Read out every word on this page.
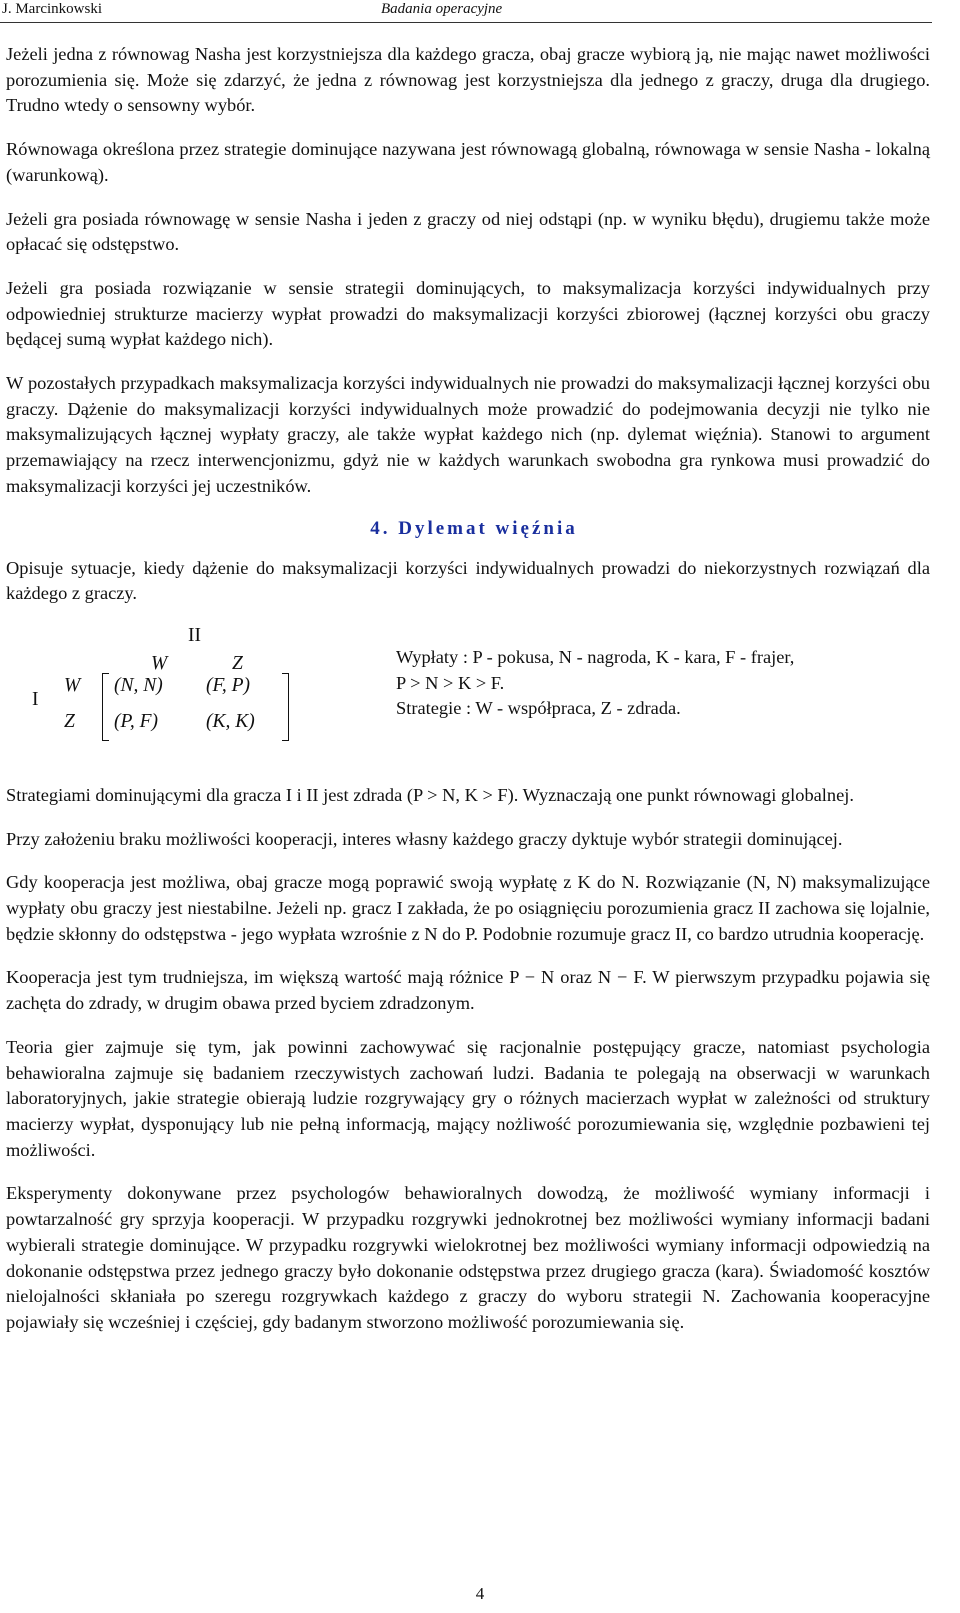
J. Marcinkowski	Badania operacyjne

Jeżeli jedna z równowag Nasha jest korzystniejsza dla każdego gracza, obaj gracze wybiorą ją, nie mając nawet możliwości porozumienia się. Może się zdarzyć, że jedna z równowag jest korzystniejsza dla jednego z graczy, druga dla drugiego. Trudno wtedy o sensowny wybór.

Równowaga określona przez strategie dominujące nazywana jest równowagą globalną, równowaga w sensie Nasha - lokalną (warunkową).

Jeżeli gra posiada równowagę w sensie Nasha i jeden z graczy od niej odstąpi (np. w wyniku błędu), drugiemu także może opłacać się odstępstwo.

Jeżeli gra posiada rozwiązanie w sensie strategii dominujących, to maksymalizacja korzyści indywidualnych przy odpowiedniej strukturze macierzy wypłat prowadzi do maksymalizacji korzyści zbiorowej (łącznej korzyści obu graczy będącej sumą wypłat każdego nich).

W pozostałych przypadkach maksymalizacja korzyści indywidualnych nie prowadzi do maksymalizacji łącznej korzyści obu graczy. Dążenie do maksymalizacji korzyści indywidualnych może prowadzić do podejmowania decyzji nie tylko nie maksymalizujących łącznej wypłaty graczy, ale także wypłat każdego nich (np. dylemat więźnia). Stanowi to argument przemawiający na rzecz interwencjonizmu, gdyż nie w każdych warunkach swobodna gra rynkowa musi prowadzić do maksymalizacji korzyści jej uczestników.

4. Dylemat więźnia

Opisuje sytuacje, kiedy dążenie do maksymalizacji korzyści indywidualnych prowadzi do niekorzystnych rozwiązań dla każdego z graczy.

II
W	Z
I
W
Z
(N, N) (F, P)
(P, F) (K, K)
Wypłaty : P - pokusa, N - nagroda, K - kara, F - frajer,
P > N > K > F.
Strategie : W - współpraca, Z - zdrada.

Strategiami dominującymi dla gracza I i II jest zdrada (P > N, K > F). Wyznaczają one punkt równowagi globalnej.

Przy założeniu braku możliwości kooperacji, interes własny każdego graczy dyktuje wybór strategii dominującej.

Gdy kooperacja jest możliwa, obaj gracze mogą poprawić swoją wypłatę z K do N. Rozwiązanie (N, N) maksymalizujące wypłaty obu graczy jest niestabilne. Jeżeli np. gracz I zakłada, że po osiągnięciu porozumienia gracz II zachowa się lojalnie, będzie skłonny do odstępstwa - jego wypłata wzrośnie z N do P. Podobnie rozumuje gracz II, co bardzo utrudnia kooperację.

Kooperacja jest tym trudniejsza, im większą wartość mają różnice P − N oraz N − F. W pierwszym przypadku pojawia się zachęta do zdrady, w drugim obawa przed byciem zdradzonym.

Teoria gier zajmuje się tym, jak powinni zachowywać się racjonalnie postępujący gracze, natomiast psychologia behawioralna zajmuje się badaniem rzeczywistych zachowań ludzi. Badania te polegają na obserwacji w warunkach laboratoryjnych, jakie strategie obierają ludzie rozgrywający gry o różnych macierzach wypłat w zależności od struktury macierzy wypłat, dysponujący lub nie pełną informacją, mający nożliwość porozumiewania się, względnie pozbawieni tej możliwości.

Eksperymenty dokonywane przez psychologów behawioralnych dowodzą, że możliwość wymiany informacji i powtarzalność gry sprzyja kooperacji. W przypadku rozgrywki jednokrotnej bez możliwości wymiany informacji badani wybierali strategie dominujące. W przypadku rozgrywki wielokrotnej bez możliwości wymiany informacji odpowiedzią na dokonanie odstępstwa przez jednego graczy było dokonanie odstępstwa przez drugiego gracza (kara). Świadomość kosztów nielojalności skłaniała po szeregu rozgrywkach każdego z graczy do wyboru strategii N. Zachowania kooperacyjne pojawiały się wcześniej i częściej, gdy badanym stworzono możliwość porozumiewania się.

4
